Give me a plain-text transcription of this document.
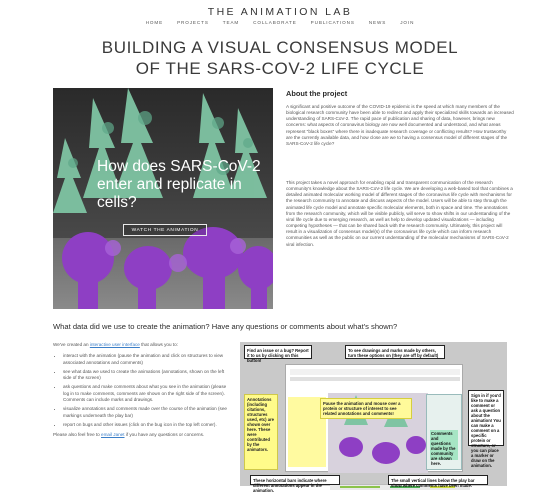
THE ANIMATION LAB
HOME	PROJECTS	TEAM	COLLABORATE	PUBLICATIONS	NEWS	JOIN
BUILDING A VISUAL CONSENSUS MODEL
OF THE SARS-COV-2 LIFE CYCLE
How does SARS-CoV-2 enter and replicate in cells?
WATCH THE ANIMATION
About the project

A significant and positive outcome of the COVID-19 epidemic is the speed at which many members of the biological research community have been able to redirect and apply their specialized skills towards an increased understanding of SARS-CoV-2. The rapid pace of publication and sharing of data, however, brings new concerns: what aspects of coronavirus biology are now well documented and understood, and what areas represent "black boxes" where there is inadequate research coverage or conflicting results? How trustworthy are the currently available data, and how close are we to having a consensus model of different stages of the SARS-CoV-2 life cycle?

This project takes a novel approach for enabling rapid and transparent communication of the research community's knowledge about the SARS-CoV-2 life cycle. We are developing a web-based tool that combines a detailed animated molecular working model of different stages of the coronavirus life cycle with mechanisms for the research community to annotate and discuss aspects of the model. Users will be able to step through the animated life cycle model and annotate specific molecular elements, both in space and time. The annotations from the research community, which will be visible publicly, will serve to show shifts in our understanding of the viral life cycle due to emerging research, as well as help to develop updated visualizations — including competing hypotheses — that can be shared back with the research community. Ultimately, this project will result in a visualization of consensus model(s) of the coronavirus life cycle which can inform research communities as well as the public on our current understanding of the molecular mechanisms of SARS-CoV-2 viral infection.

What data did we use to create the animation? Have any questions or comments about what's shown?
We've created an interactive user interface that allows you to:
• interact with the animation (pause the animation and click on structures to view associated annotations and comments)
• see what data we used to create the animations (annotations, shown on the left side of the screen)
• ask questions and make comments about what you see in the animation (please log in to make comments, comments are shown on the right side of the screen). Comments can include marks and drawings.
• visualize annotations and comments made over the course of the animation (see markings underneath the play bar)
• report on bugs and other issues (click on the bug icon in the top left corner).
Please also feel free to email Janet if you have any questions or concerns.
Annotations (including citations, structures used, etc) are shown over here. These were contributed by the animators.
Pause the animation and mouse over a protein or structure of interest to see related annotations and comments!
Comments and questions made by the community are shown here.
Find an issue or a bug? Report it to us by clicking on this button!
To see drawings and marks made by others, turn these options on (they are off by default)
Sign in if you'd like to make a comment or ask a question about the animation! You can make a comment on a specific protein or structure, or you can place a marker or draw on the animation.
These horizontal bars indicate where different annotations appear in the animation.
The small vertical lines below the play bar show where comments have been made.
